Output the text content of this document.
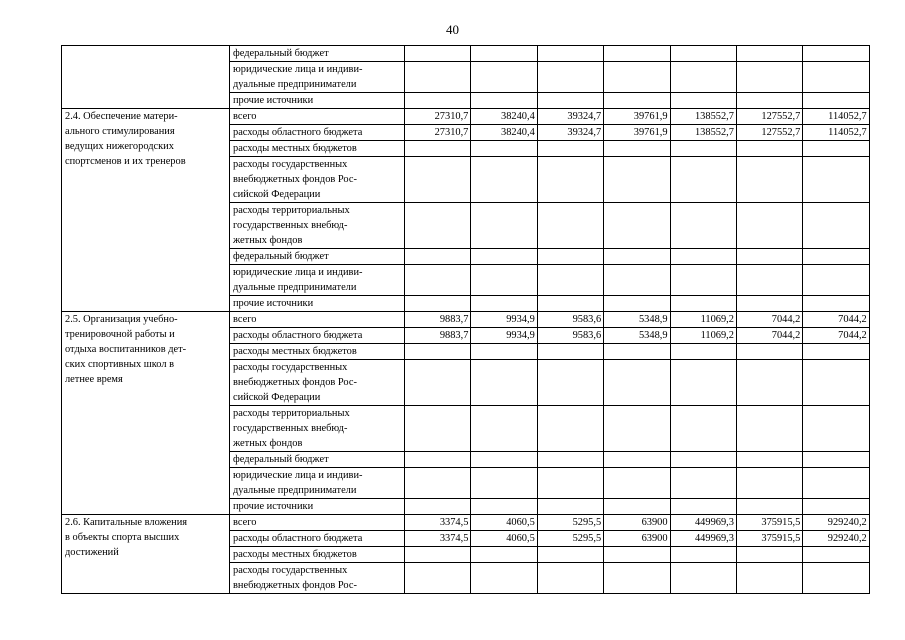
40
	федеральный бюджет							
	юридические лица и индиви-
дуальные предприниматели							
	прочие источники							
2.4. Обеспечение матери-
ального стимулирования
ведущих нижегородских
спортсменов и их тренеров	всего	27310,7	38240,4	39324,7	39761,9	138552,7	127552,7	114052,7
	расходы областного бюджета	27310,7	38240,4	39324,7	39761,9	138552,7	127552,7	114052,7
	расходы местных бюджетов							
	расходы государственных
внебюджетных фондов Рос-
сийской Федерации							
	расходы территориальных
государственных внебюд-
жетных фондов							
	федеральный бюджет							
	юридические лица и индиви-
дуальные предприниматели							
	прочие источники							
2.5. Организация учебно-
тренировочной работы и
отдыха воспитанников дет-
ских спортивных школ в
летнее время	всего	9883,7	9934,9	9583,6	5348,9	11069,2	7044,2	7044,2
	расходы областного бюджета	9883,7	9934,9	9583,6	5348,9	11069,2	7044,2	7044,2
	расходы местных бюджетов							
	расходы государственных
внебюджетных фондов Рос-
сийской Федерации							
	расходы территориальных
государственных внебюд-
жетных фондов							
	федеральный бюджет							
	юридические лица и индиви-
дуальные предприниматели							
	прочие источники							
2.6. Капитальные вложения
в объекты спорта высших
достижений	всего	3374,5	4060,5	5295,5	63900	449969,3	375915,5	929240,2
	расходы областного бюджета	3374,5	4060,5	5295,5	63900	449969,3	375915,5	929240,2
	расходы местных бюджетов							
	расходы государственных
внебюджетных фондов Рос-							
